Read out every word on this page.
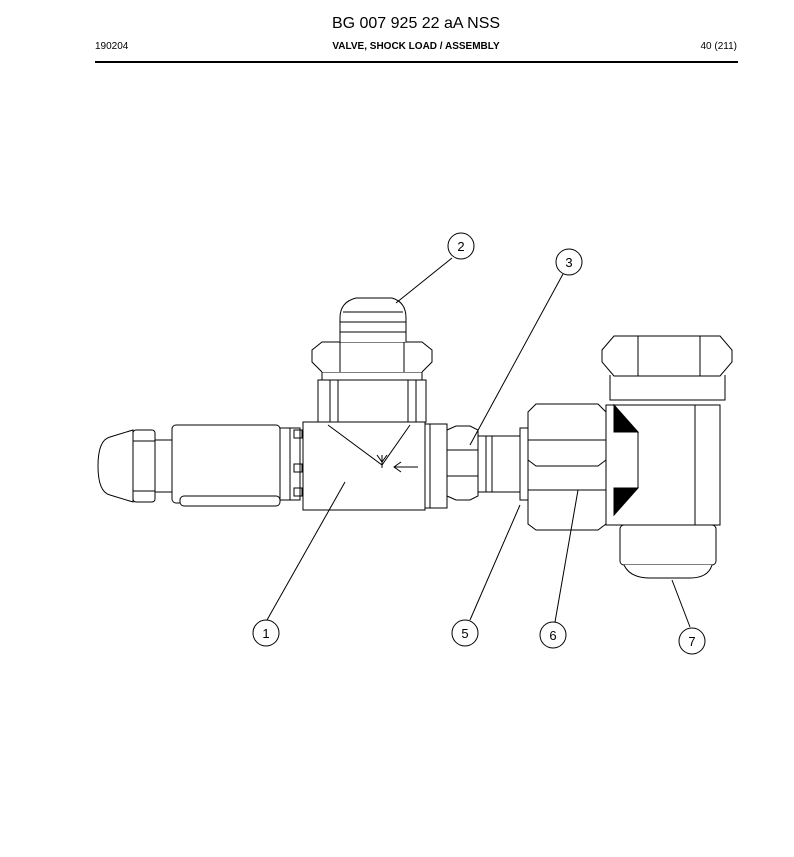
BG 007 925 22 aA NSS
190204	VALVE, SHOCK LOAD / ASSEMBLY	40 (211)
1
2
3
5	6	7
